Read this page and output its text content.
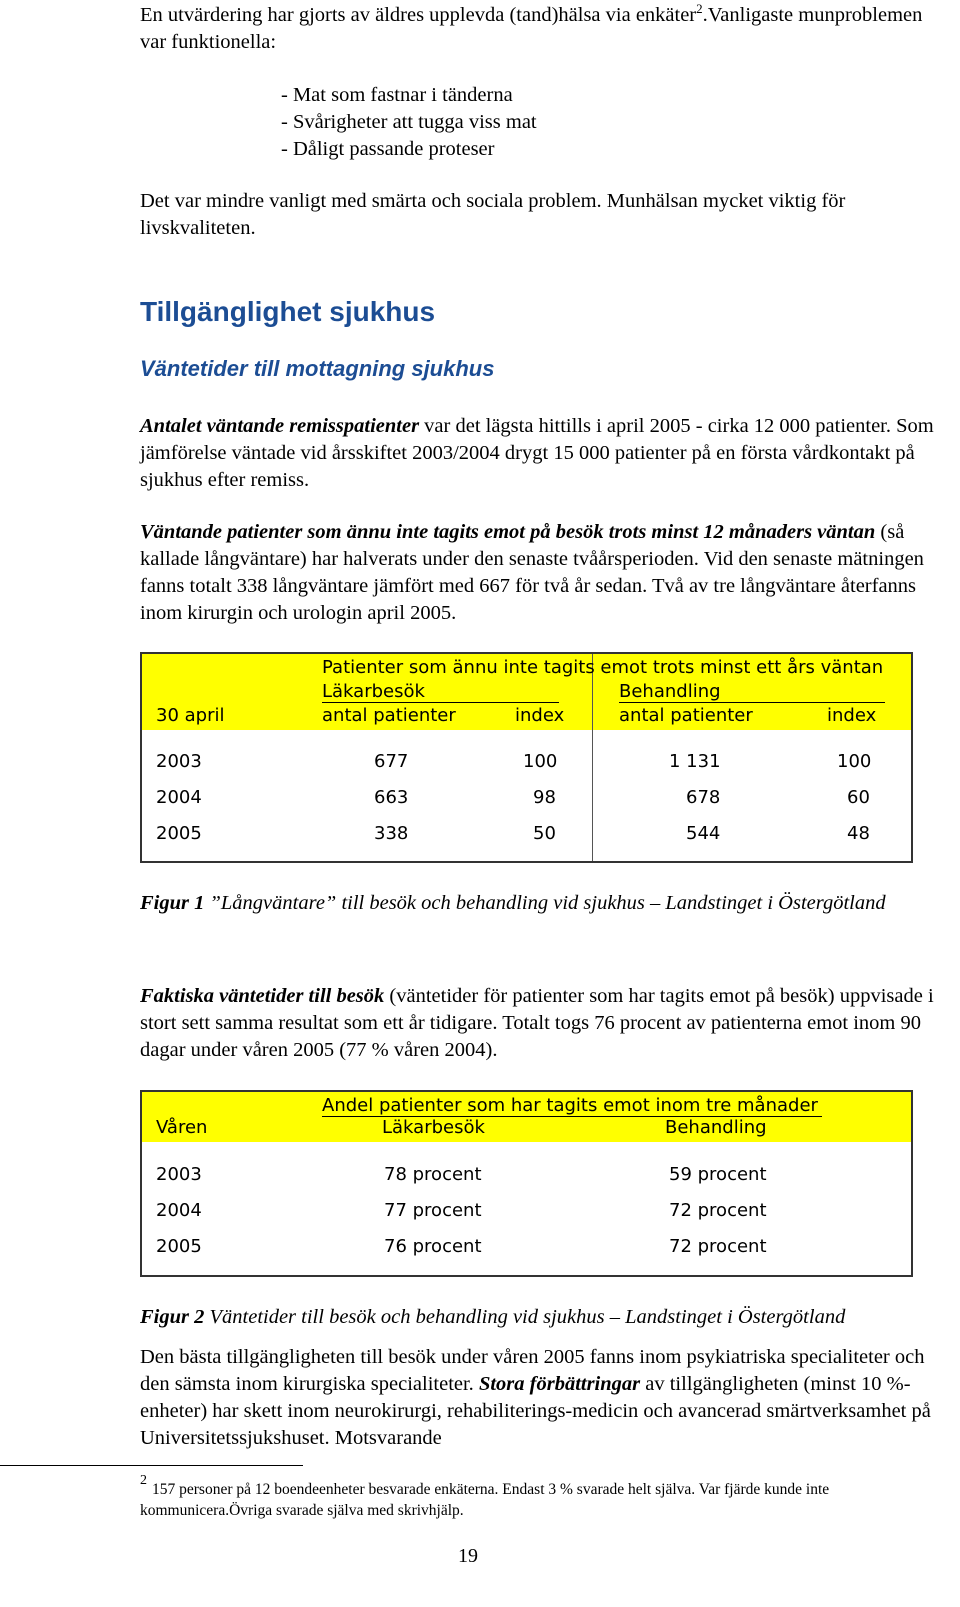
En utvärdering har gjorts av äldres upplevda (tand)hälsa via enkäter$^2$.Vanligaste munproblemen var funktionella:

- Mat som fastnar i tänderna

- Svårigheter att tugga viss mat

- Dåligt passande proteser

Det var mindre vanligt med smärta och sociala problem. Munhälsan mycket viktig för livskvaliteten.

Tillgänglighet sjukhus
Väntetider till mottagning sjukhus

Antalet väntande remisspatienter var det lägsta hittills i april 2005 - cirka 12 000 patienter. Som jämförelse väntade vid årsskiftet 2003/2004 drygt 15 000 patienter på en första vårdkontakt på sjukhus efter remiss.

Väntande patienter som ännu inte tagits emot på besök trots minst 12 månaders väntan (så kallade långväntare) har halverats under den senaste tvåårsperioden. Vid den senaste mätningen fanns totalt 338 långväntare jämfört med 667 för två år sedan. Två av tre långväntare återfanns inom kirurgin och urologin april 2005.

Patienter som ännu inte tagits emot trots minst ett års väntan
Läkarbesök	Behandling
30 april	antal patienter	index	antal patienter	index
2003	677	100	1 131	100
2004	663	98	678	60
2005	338	50	544	48

Figur 1 ”Långväntare” till besök och behandling vid sjukhus – Landstinget i Östergötland

Faktiska väntetider till besök (väntetider för patienter som har tagits emot på besök) uppvisade i stort sett samma resultat som ett år tidigare. Totalt togs 76 procent av patienterna emot inom 90 dagar under våren 2005 (77 % våren 2004).

Andel patienter som har tagits emot inom tre månader
Våren	Läkarbesök	Behandling
2003	78 procent	59 procent
2004	77 procent	72 procent
2005	76 procent	72 procent

Figur 2 Väntetider till besök och behandling vid sjukhus – Landstinget i Östergötland

Den bästa tillgängligheten till besök under våren 2005 fanns inom psykiatriska specialiteter och den sämsta inom kirurgiska specialiteter. Stora förbättringar av tillgängligheten (minst 10 %-enheter) har skett inom neurokirurgi, rehabiliterings-medicin och avancerad smärtverksamhet på Universitetssjukshuset. Motsvarande

2

157 personer på 12 boendeenheter besvarade enkäterna. Endast 3 % svarade helt själva. Var fjärde kunde inte kommunicera.Övriga svarade själva med skrivhjälp.

19
